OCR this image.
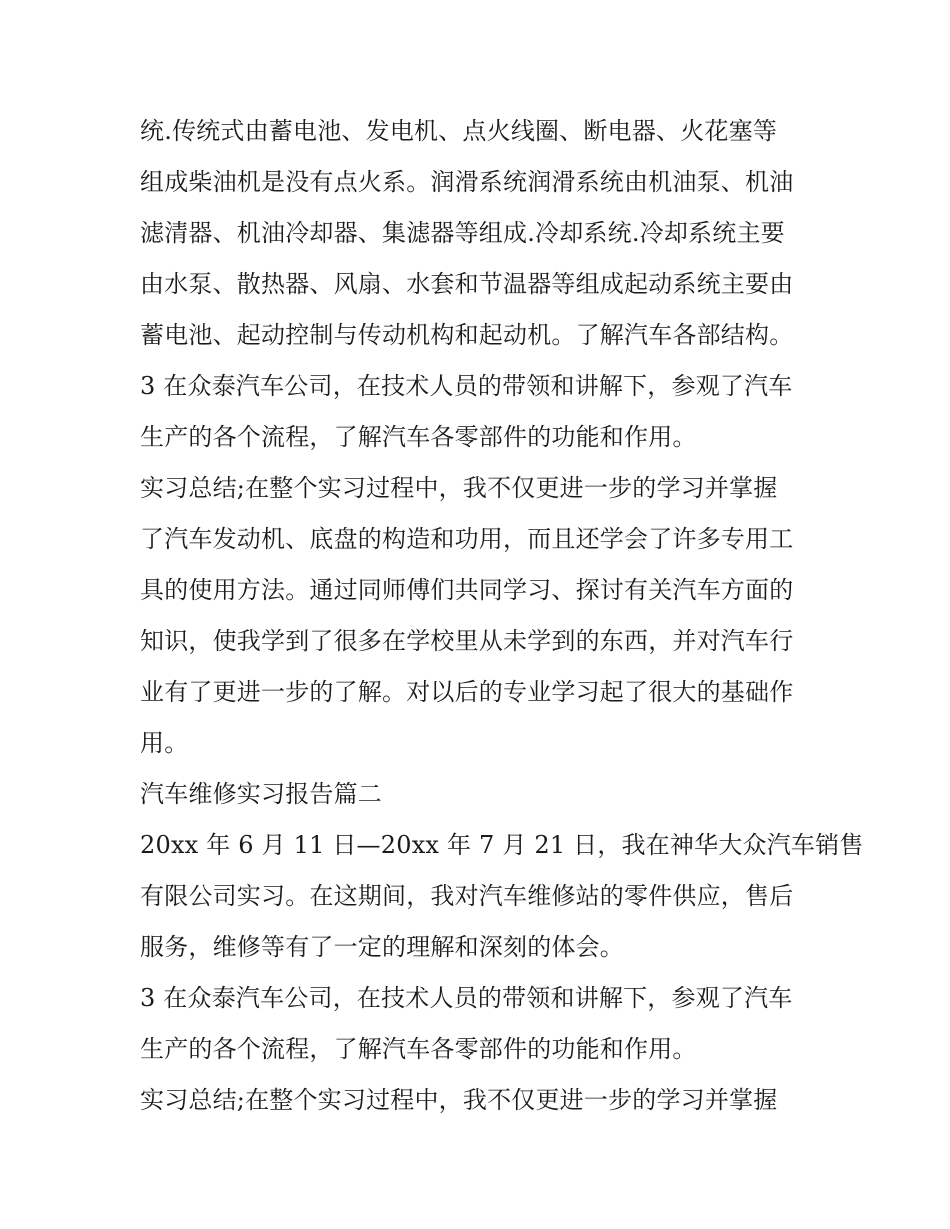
统.传统式由蓄电池、发电机、点火线圈、断电器、火花塞等
组成柴油机是没有点火系。润滑系统润滑系统由机油泵、机油
滤清器、机油冷却器、集滤器等组成.冷却系统.冷却系统主要
由水泵、散热器、风扇、水套和节温器等组成起动系统主要由
蓄电池、起动控制与传动机构和起动机。了解汽车各部结构。
3 在众泰汽车公司，在技术人员的带领和讲解下，参观了汽车
生产的各个流程，了解汽车各零部件的功能和作用。
实习总结;在整个实习过程中，我不仅更进一步的学习并掌握
了汽车发动机、底盘的构造和功用，而且还学会了许多专用工
具的使用方法。通过同师傅们共同学习、探讨有关汽车方面的
知识，使我学到了很多在学校里从未学到的东西，并对汽车行
业有了更进一步的了解。对以后的专业学习起了很大的基础作
用。
汽车维修实习报告篇二
20xx 年 6 月 11 日—20xx 年 7 月 21 日，我在神华大众汽车销售
有限公司实习。在这期间，我对汽车维修站的零件供应，售后
服务，维修等有了一定的理解和深刻的体会。
3 在众泰汽车公司，在技术人员的带领和讲解下，参观了汽车
生产的各个流程，了解汽车各零部件的功能和作用。
实习总结;在整个实习过程中，我不仅更进一步的学习并掌握
